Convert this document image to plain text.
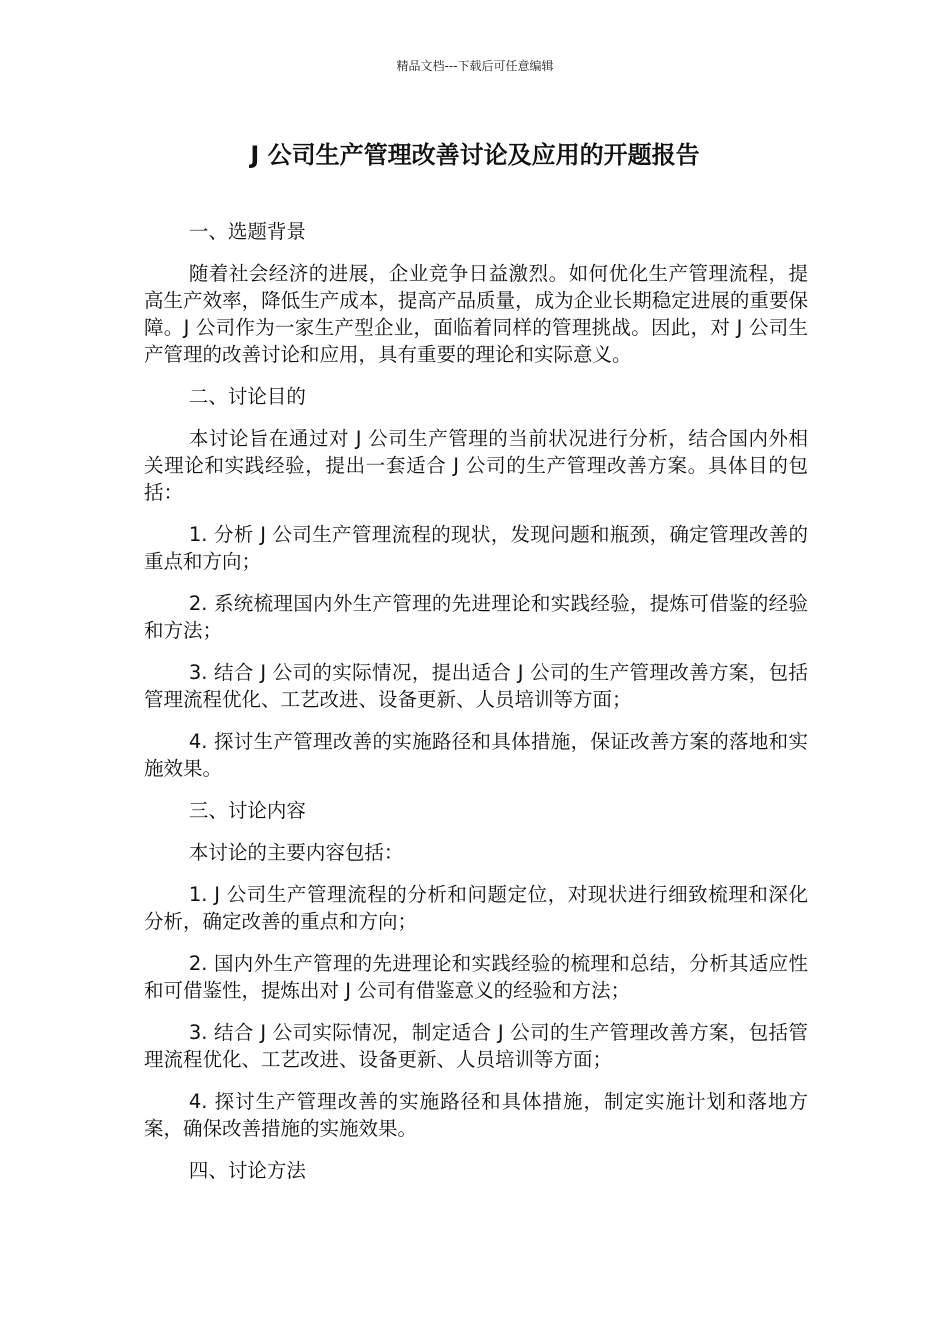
精品文档---下载后可任意编辑
J 公司生产管理改善讨论及应用的开题报告

一、选题背景

随着社会经济的进展，企业竞争日益激烈。如何优化生产管理流程，提高生产效率，降低生产成本，提高产品质量，成为企业长期稳定进展的重要保障。J 公司作为一家生产型企业，面临着同样的管理挑战。因此，对 J 公司生产管理的改善讨论和应用，具有重要的理论和实际意义。

二、讨论目的

本讨论旨在通过对 J 公司生产管理的当前状况进行分析，结合国内外相关理论和实践经验，提出一套适合 J 公司的生产管理改善方案。具体目的包括：

1. 分析 J 公司生产管理流程的现状，发现问题和瓶颈，确定管理改善的重点和方向；

2. 系统梳理国内外生产管理的先进理论和实践经验，提炼可借鉴的经验和方法；

3. 结合 J 公司的实际情况，提出适合 J 公司的生产管理改善方案，包括管理流程优化、工艺改进、设备更新、人员培训等方面；

4. 探讨生产管理改善的实施路径和具体措施，保证改善方案的落地和实施效果。

三、讨论内容

本讨论的主要内容包括：

1. J 公司生产管理流程的分析和问题定位，对现状进行细致梳理和深化分析，确定改善的重点和方向；

2. 国内外生产管理的先进理论和实践经验的梳理和总结，分析其适应性和可借鉴性，提炼出对 J 公司有借鉴意义的经验和方法；

3. 结合 J 公司实际情况，制定适合 J 公司的生产管理改善方案，包括管理流程优化、工艺改进、设备更新、人员培训等方面；

4. 探讨生产管理改善的实施路径和具体措施，制定实施计划和落地方案，确保改善措施的实施效果。

四、讨论方法
